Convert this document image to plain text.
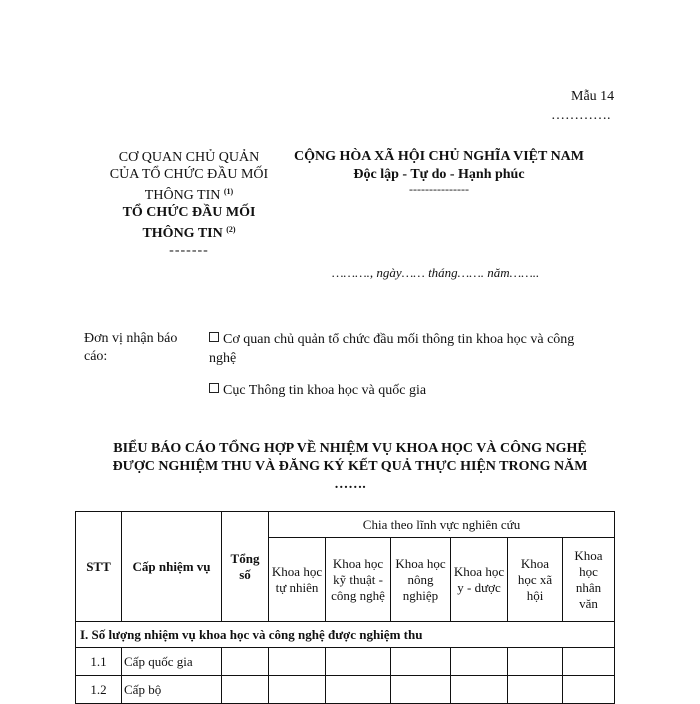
Mẫu 14
………….
CƠ QUAN CHỦ QUẢN
CỦA TỔ CHỨC ĐẦU MỐI
THÔNG TIN $^{(1)}$
TỔ CHỨC ĐẦU MỐI
THÔNG TIN $^{(2)}$
-------
CỘNG HÒA XÃ HỘI CHỦ NGHĨA VIỆT NAM
Độc lập - Tự do - Hạnh phúc
---------------
………., ngày…… tháng……. năm……..
Đơn vị nhận báo cáo:
Cơ quan chủ quản tổ chức đầu mối thông tin khoa học và công nghệ
Cục Thông tin khoa học và quốc gia
BIỂU BÁO CÁO TỔNG HỢP VỀ NHIỆM VỤ KHOA HỌC VÀ CÔNG NGHỆ
ĐƯỢC NGHIỆM THU VÀ ĐĂNG KÝ KẾT QUẢ THỰC HIỆN TRONG NĂM
…….
STT	Cấp nhiệm vụ	Tổng số	Chia theo lĩnh vực nghiên cứu					
			Khoa học tự nhiên	Khoa học kỹ thuật - công nghệ	Khoa học nông nghiệp	Khoa học y - dược	Khoa học xã hội	Khoa học nhân văn
I. Số lượng nhiệm vụ khoa học và công nghệ được nghiệm thu								
1.1	Cấp quốc gia							
1.2	Cấp bộ							
